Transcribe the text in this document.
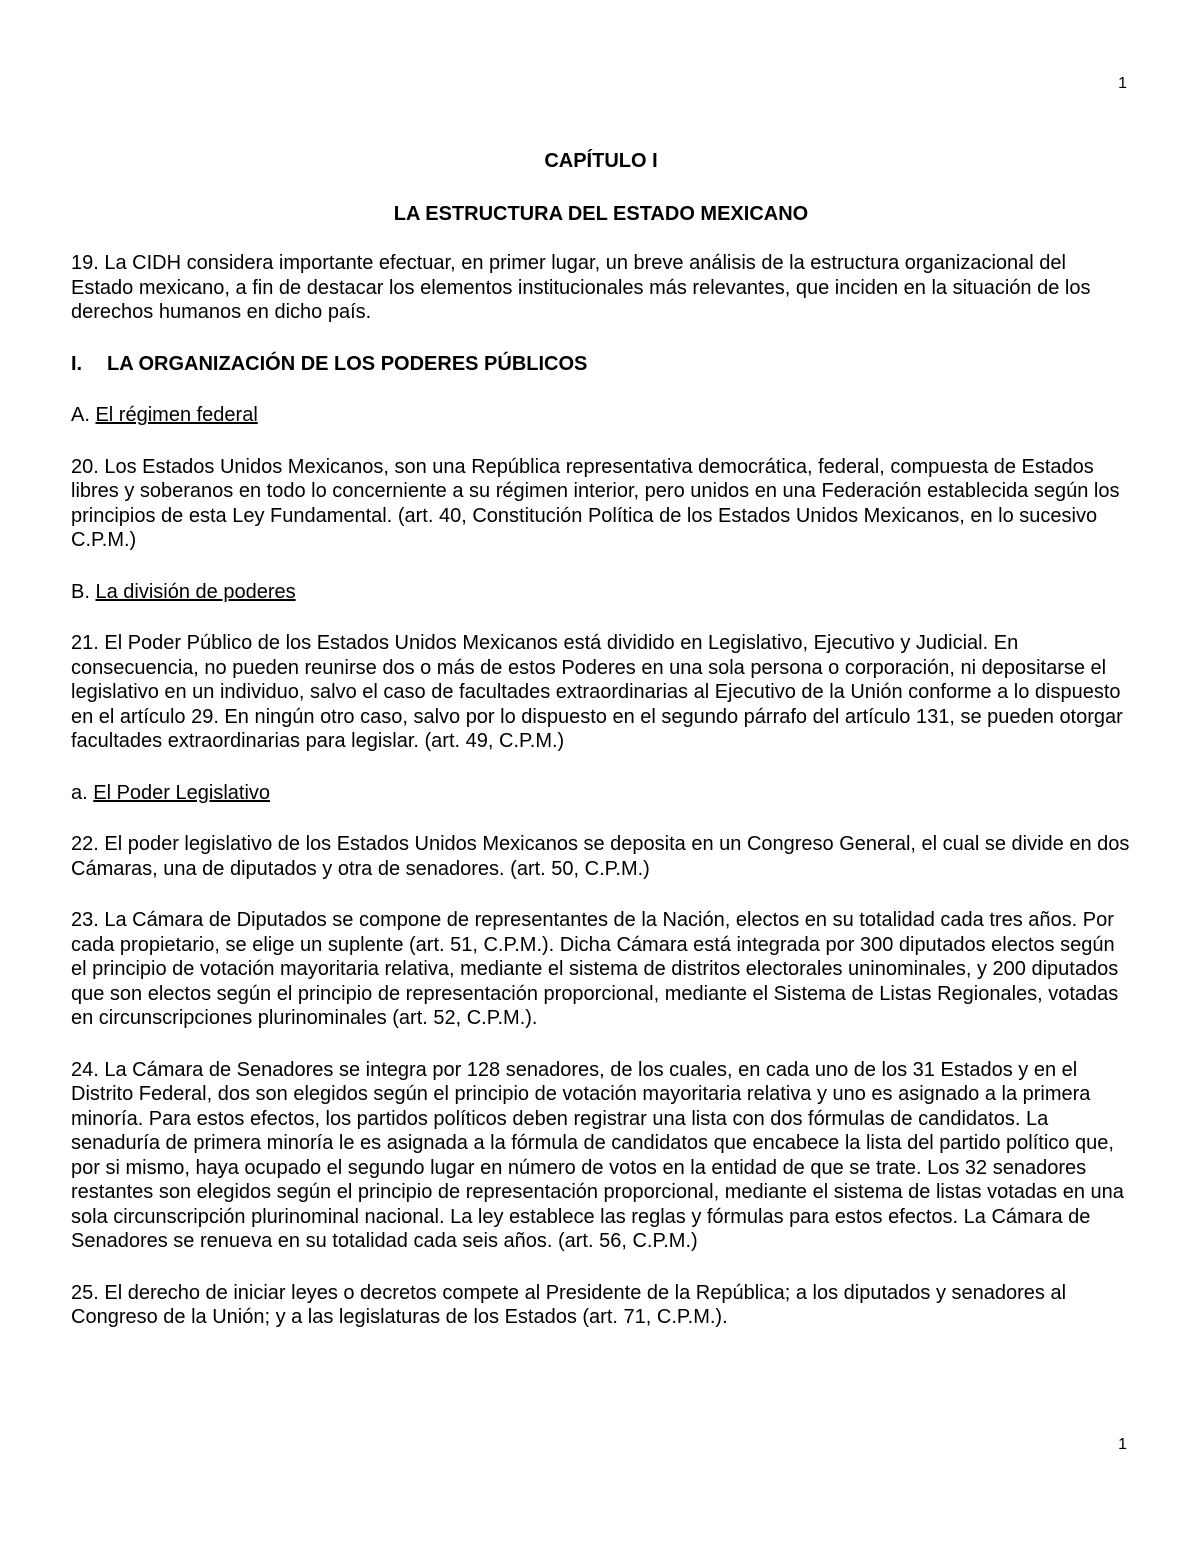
1
CAPÍTULO I
LA ESTRUCTURA DEL ESTADO MEXICANO

19. La CIDH considera importante efectuar, en primer lugar, un breve análisis de la estructura organizacional del Estado mexicano, a fin de destacar los elementos institucionales más relevantes, que inciden en la situación de los derechos humanos en dicho país.

I. LA ORGANIZACIÓN DE LOS PODERES PÚBLICOS

A. El régimen federal

20. Los Estados Unidos Mexicanos, son una República representativa democrática, federal, compuesta de Estados libres y soberanos en todo lo concerniente a su régimen interior, pero unidos en una Federación establecida según los principios de esta Ley Fundamental. (art. 40, Constitución Política de los Estados Unidos Mexicanos, en lo sucesivo C.P.M.)

B. La división de poderes

21. El Poder Público de los Estados Unidos Mexicanos está dividido en Legislativo, Ejecutivo y Judicial. En consecuencia, no pueden reunirse dos o más de estos Poderes en una sola persona o corporación, ni depositarse el legislativo en un individuo, salvo el caso de facultades extraordinarias al Ejecutivo de la Unión conforme a lo dispuesto en el artículo 29. En ningún otro caso, salvo por lo dispuesto en el segundo párrafo del artículo 131, se pueden otorgar facultades extraordinarias para legislar. (art. 49, C.P.M.)

a. El Poder Legislativo

22. El poder legislativo de los Estados Unidos Mexicanos se deposita en un Congreso General, el cual se divide en dos Cámaras, una de diputados y otra de senadores. (art. 50, C.P.M.)

23. La Cámara de Diputados se compone de representantes de la Nación, electos en su totalidad cada tres años. Por cada propietario, se elige un suplente (art. 51, C.P.M.). Dicha Cámara está integrada por 300 diputados electos según el principio de votación mayoritaria relativa, mediante el sistema de distritos electorales uninominales, y 200 diputados que son electos según el principio de representación proporcional, mediante el Sistema de Listas Regionales, votadas en circunscripciones plurinominales (art. 52, C.P.M.).

24. La Cámara de Senadores se integra por 128 senadores, de los cuales, en cada uno de los 31 Estados y en el Distrito Federal, dos son elegidos según el principio de votación mayoritaria relativa y uno es asignado a la primera minoría. Para estos efectos, los partidos políticos deben registrar una lista con dos fórmulas de candidatos. La senaduría de primera minoría le es asignada a la fórmula de candidatos que encabece la lista del partido político que, por si mismo, haya ocupado el segundo lugar en número de votos en la entidad de que se trate. Los 32 senadores restantes son elegidos según el principio de representación proporcional, mediante el sistema de listas votadas en una sola circunscripción plurinominal nacional. La ley establece las reglas y fórmulas para estos efectos. La Cámara de Senadores se renueva en su totalidad cada seis años. (art. 56, C.P.M.)

25. El derecho de iniciar leyes o decretos compete al Presidente de la República; a los diputados y senadores al Congreso de la Unión; y a las legislaturas de los Estados (art. 71, C.P.M.).

1
